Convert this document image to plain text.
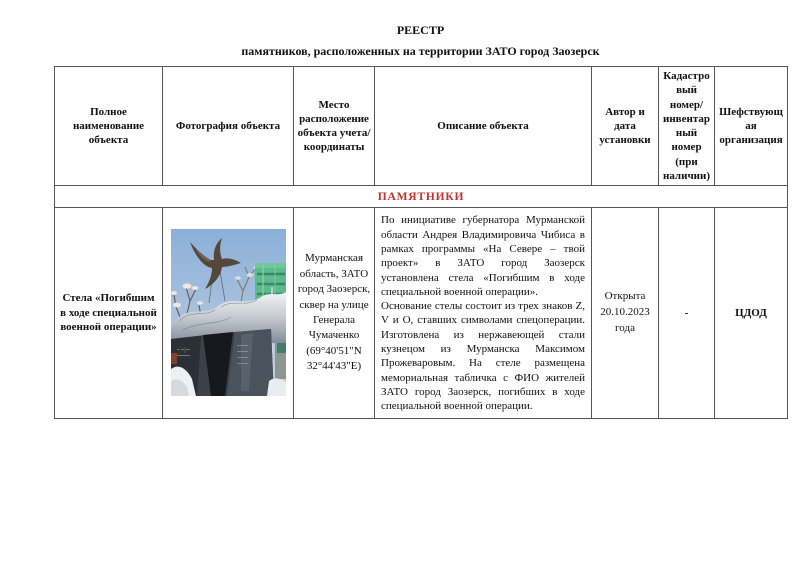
РЕЕСТР
памятников, расположенных на территории ЗАТО город Заозерск
Полное наименование объекта	Фотография объекта	Место расположение объекта учета/ координаты	Описание объекта	Автор и дата установки	Кадастровый номер/ инвентарный номер (при наличии)	Шефствующая организация
ПАМЯТНИКИ						
Стела «Погибшим в ходе специальной военной операции»		Мурманская область, ЗАТО город Заозерск, сквер на улице Генерала Чумаченко (69°40'51"N 32°44'43"E)	По инициативе губернатора Мурманской области Андрея Владимировича Чибиса в рамках программы «На Севере – твой проект» в ЗАТО город Заозерск установлена стела «Погибшим в ходе специальной военной операции».

Основание стелы состоит из трех знаков Z, V и О, ставших символами спецоперации. Изготовлена из нержавеющей стали кузнецом из Мурманска Максимом Прожеваровым. На стеле размещена мемориальная табличка с ФИО жителей ЗАТО город Заозерск, погибших в ходе специальной военной операции.	Открыта 20.10.2023 года	-	ЦДОД
